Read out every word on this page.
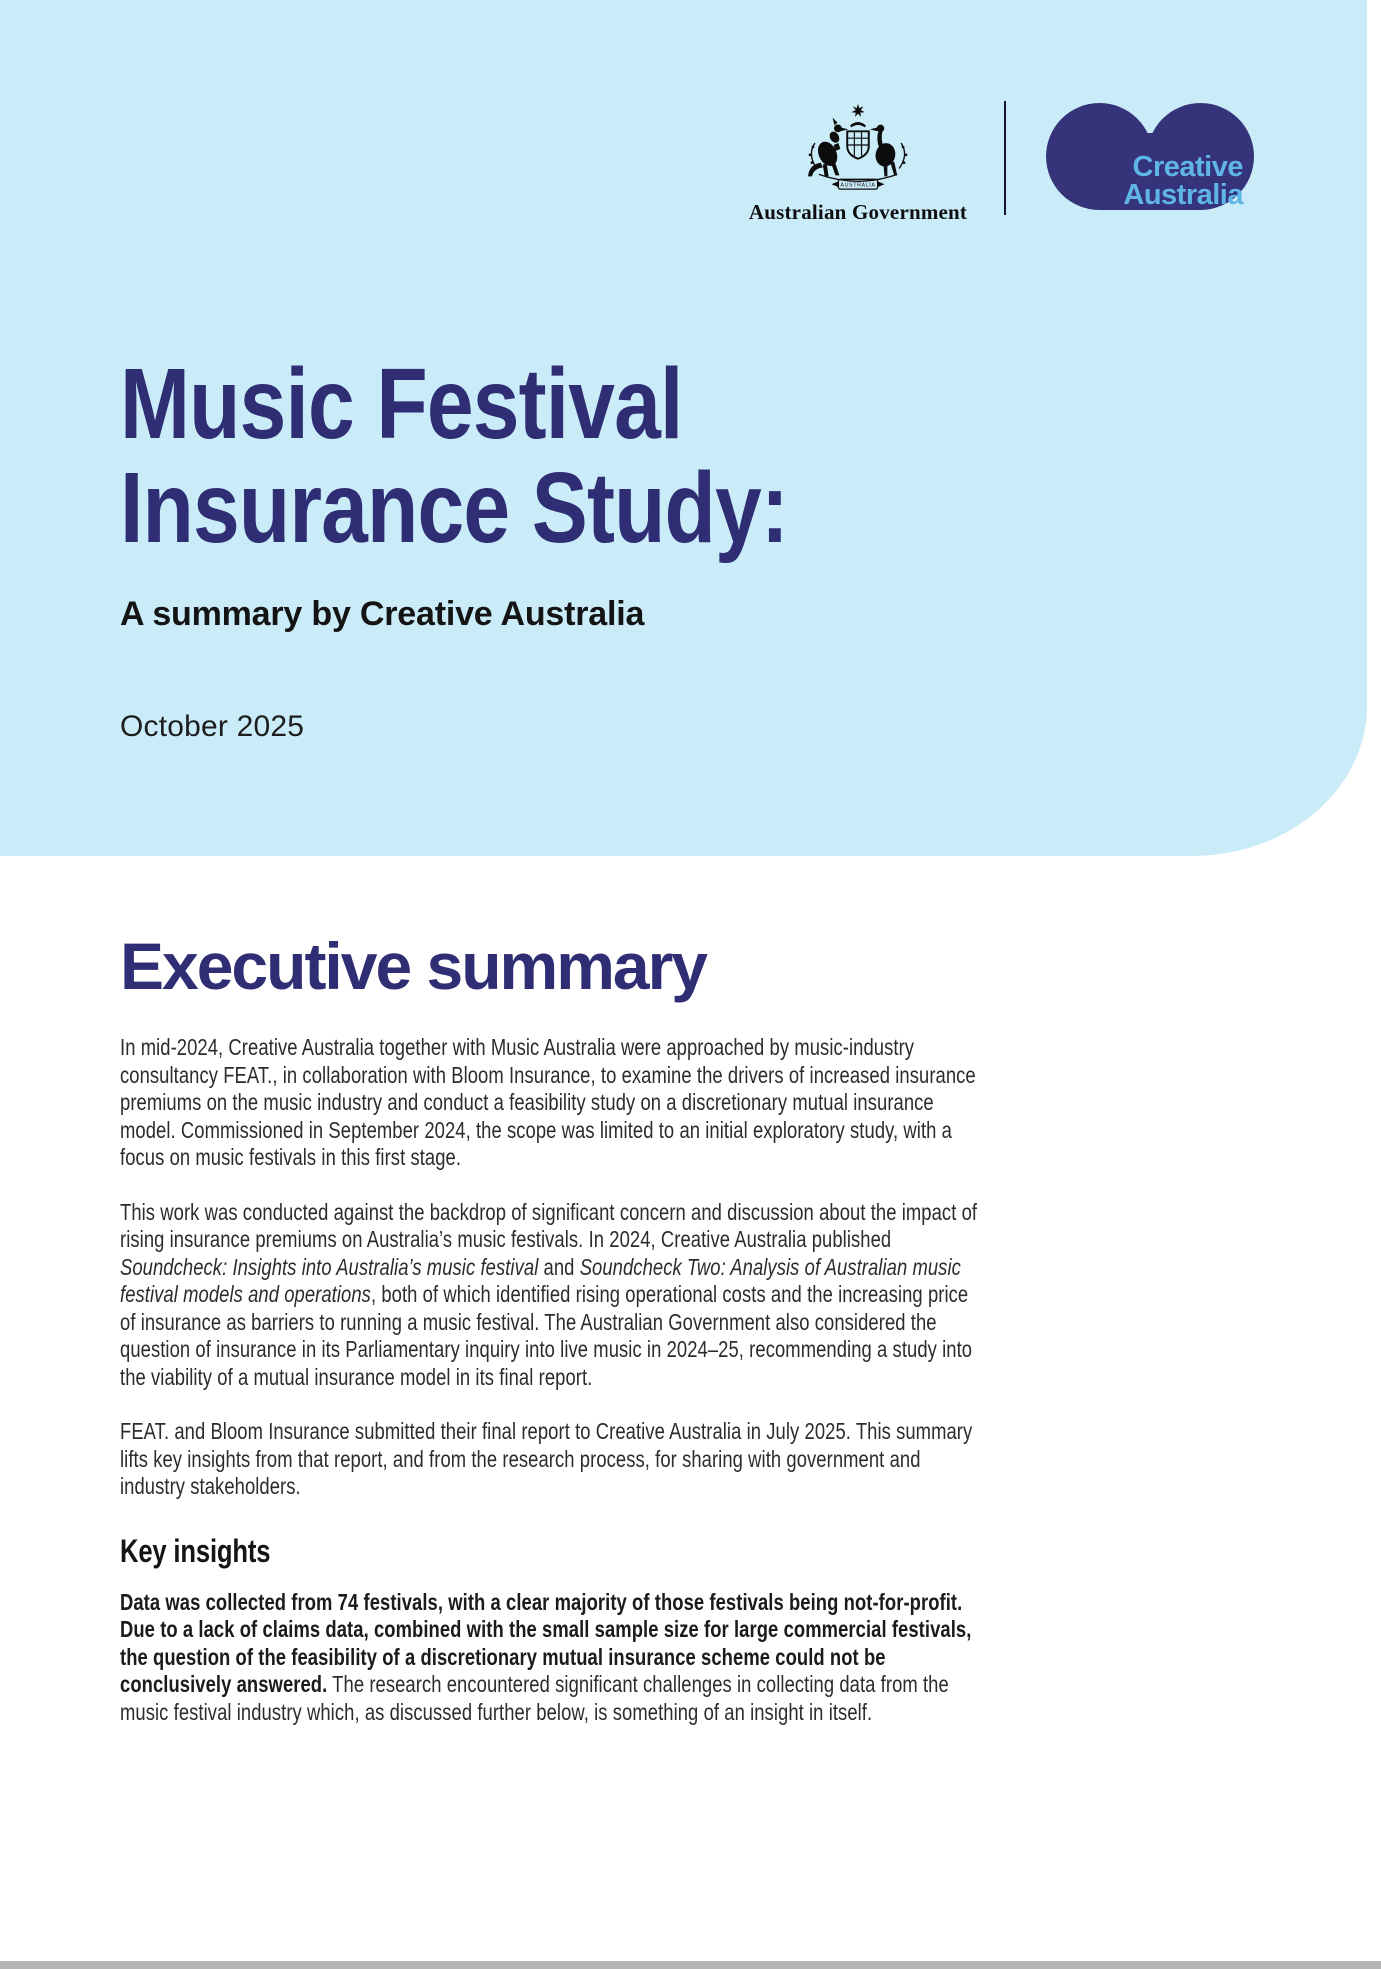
AUSTRALIA
Australian Government
Creative
Australia
Music Festival
Insurance Study:
A summary by Creative Australia
October 2025
Executive summary

In mid-2024, Creative Australia together with Music Australia were approached by music-industry consultancy FEAT., in collaboration with Bloom Insurance, to examine the drivers of increased insurance premiums on the music industry and conduct a feasibility study on a discretionary mutual insurance model. Commissioned in September 2024, the scope was limited to an initial exploratory study, with a focus on music festivals in this first stage.

This work was conducted against the backdrop of significant concern and discussion about the impact of rising insurance premiums on Australia’s music festivals. In 2024, Creative Australia published Soundcheck: Insights into Australia’s music festival and Soundcheck Two: Analysis of Australian music festival models and operations, both of which identified rising operational costs and the increasing price of insurance as barriers to running a music festival. The Australian Government also considered the question of insurance in its Parliamentary inquiry into live music in 2024–25, recommending a study into the viability of a mutual insurance model in its final report.

FEAT. and Bloom Insurance submitted their final report to Creative Australia in July 2025. This summary lifts key insights from that report, and from the research process, for sharing with government and industry stakeholders.

Key insights

Data was collected from 74 festivals, with a clear majority of those festivals being not-for-profit. Due to a lack of claims data, combined with the small sample size for large commercial festivals, the question of the feasibility of a discretionary mutual insurance scheme could not be conclusively answered. The research encountered significant challenges in collecting data from the music festival industry which, as discussed further below, is something of an insight in itself.
